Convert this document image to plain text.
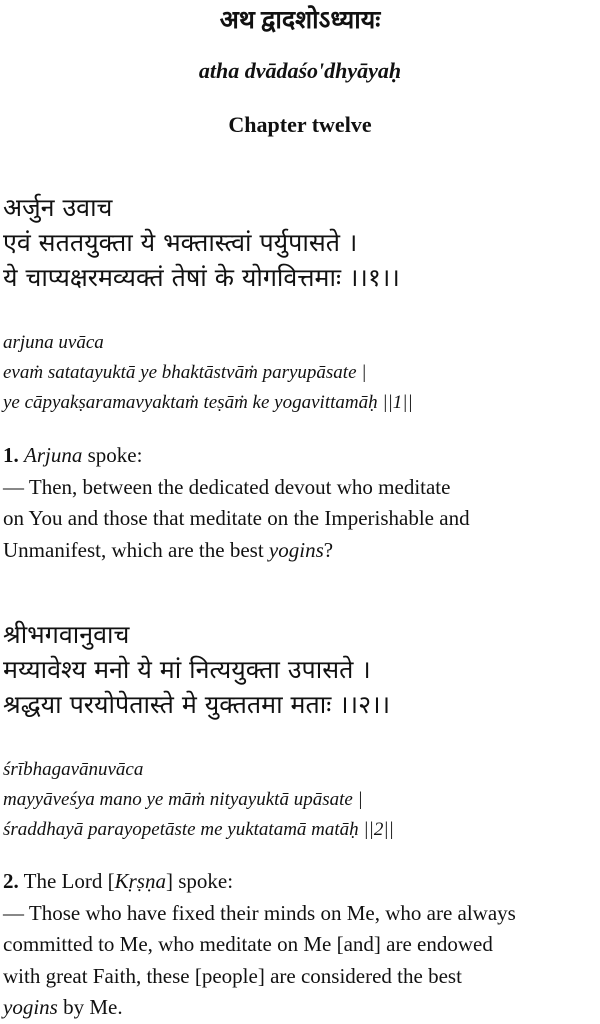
अथ द्वादशोऽध्यायः
atha dvādaśo'dhyāyaḥ
Chapter twelve
अर्जुन उवाच
एवं सततयुक्ता ये भक्तास्त्वां पर्युपासते ।
ये चाप्यक्षरमव्यक्तं तेषां के योगवित्तमाः ।।१।।
arjuna uvāca
evaṁ satatayuktā ye bhaktāstvāṁ paryupāsate |
ye cāpyakṣaramavyaktaṁ teṣāṁ ke yogavittamāḥ ||1||
1. Arjuna spoke:
— Then, between the dedicated devout who meditate
on You and those that meditate on the Imperishable and
Unmanifest, which are the best yogins?
श्रीभगवानुवाच
मय्यावेश्य मनो ये मां नित्ययुक्ता उपासते ।
श्रद्धया परयोपेतास्ते मे युक्ततमा मताः ।।२।।
śrībhagavānuvāca
mayyāveśya mano ye māṁ nityayuktā upāsate |
śraddhayā parayopetāste me yuktatamā matāḥ ||2||
2. The Lord [Kṛṣṇa] spoke:
— Those who have fixed their minds on Me, who are always
committed to Me, who meditate on Me [and] are endowed
with great Faith, these [people] are considered the best
yogins by Me.
